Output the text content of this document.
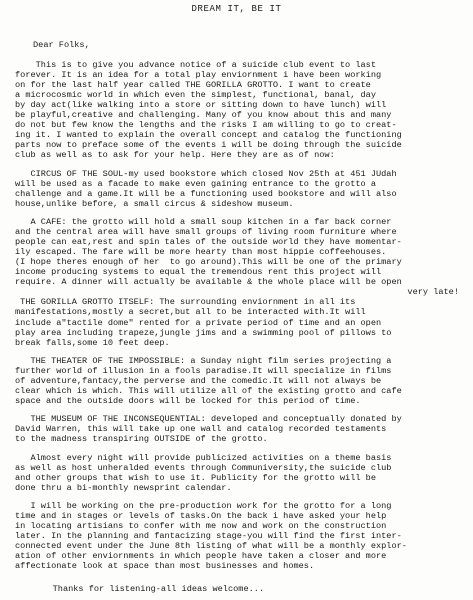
DREAM IT, BE IT
Dear Folks,
This is to give you advance notice of a suicide club event to last
forever. It is an idea for a total play enviornment i have been working
on for the last half year called THE GORILLA GROTTO. I want to create
a microcosmic world in which even the simplest, functional, banal, day
by day act(like walking into a store or sitting down to have lunch) will
be playful,creative and challenging. Many of you know about this and many
do not but few know the lengths and the risks I am willing to go to creat-
ing it. I wanted to explain the overall concept and catalog the functioning
parts now to preface some of the events i will be doing through the suicide
club as well as to ask for your help. Here they are as of now:
CIRCUS OF THE SOUL-my used bookstore which closed Nov 25th at 451 JUdah
will be used as a facade to make even gaining entrance to the grotto a
challenge and a game.It will be a functioning used bookstore and will also
house,unlike before, a small circus & sideshow museum.
A CAFE: the grotto will hold a small soup kitchen in a far back corner
and the central area will have small groups of living room furniture where
people can eat,rest and spin tales of the outside world they have momentar-
ily escaped. The fare will be more hearty than most hippie coffeehouses.
(I hope theres enough of her  to go around).This will be one of the primary
income producing systems to equal the tremendous rent this project will
require. A dinner will actually be available & the whole place will be open
very late!
THE GORILLA GROTTO ITSELF: The surrounding enviornment in all its
manifestations,mostly a secret,but all to be interacted with.It will
include a"tactile dome" rented for a private period of time and an open
play area including trapeze,jungle jims and a swimming pool of pillows to
break falls,some 10 feet deep.
THE THEATER OF THE IMPOSSIBLE: a Sunday night film series projecting a
further world of illusion in a fools paradise.It will specialize in films
of adventure,fantacy,the perverse and the comedic.It will not always be
clear which is which. This will utilize all of the existing grotto and cafe
space and the outside doors will be locked for this period of time.
THE MUSEUM OF THE INCONSEQUENTIAL: developed and conceptually donated by
David Warren, this will take up one wall and catalog recorded testaments
to the madness transpiring OUTSIDE of the grotto.
Almost every night will provide publicized activities on a theme basis
as well as host unheralded events through Communiversity,the suicide club
and other groups that wish to use it. Publicity for the grotto will be
done thru a bi-monthly newsprint calendar.
I will be working on the pre-production work for the grotto for a long
time and in stages or levels of tasks.On the back i have asked your help
in locating artisians to confer with me now and work on the construction
later. In the planning and fantacizing stage-you will find the first inter-
connected event under the June 8th listing of what will be a monthly explor-
ation of other enviornments in which people have taken a closer and more
affectionate look at space than most businesses and homes.
Thanks for listening-all ideas welcome...
